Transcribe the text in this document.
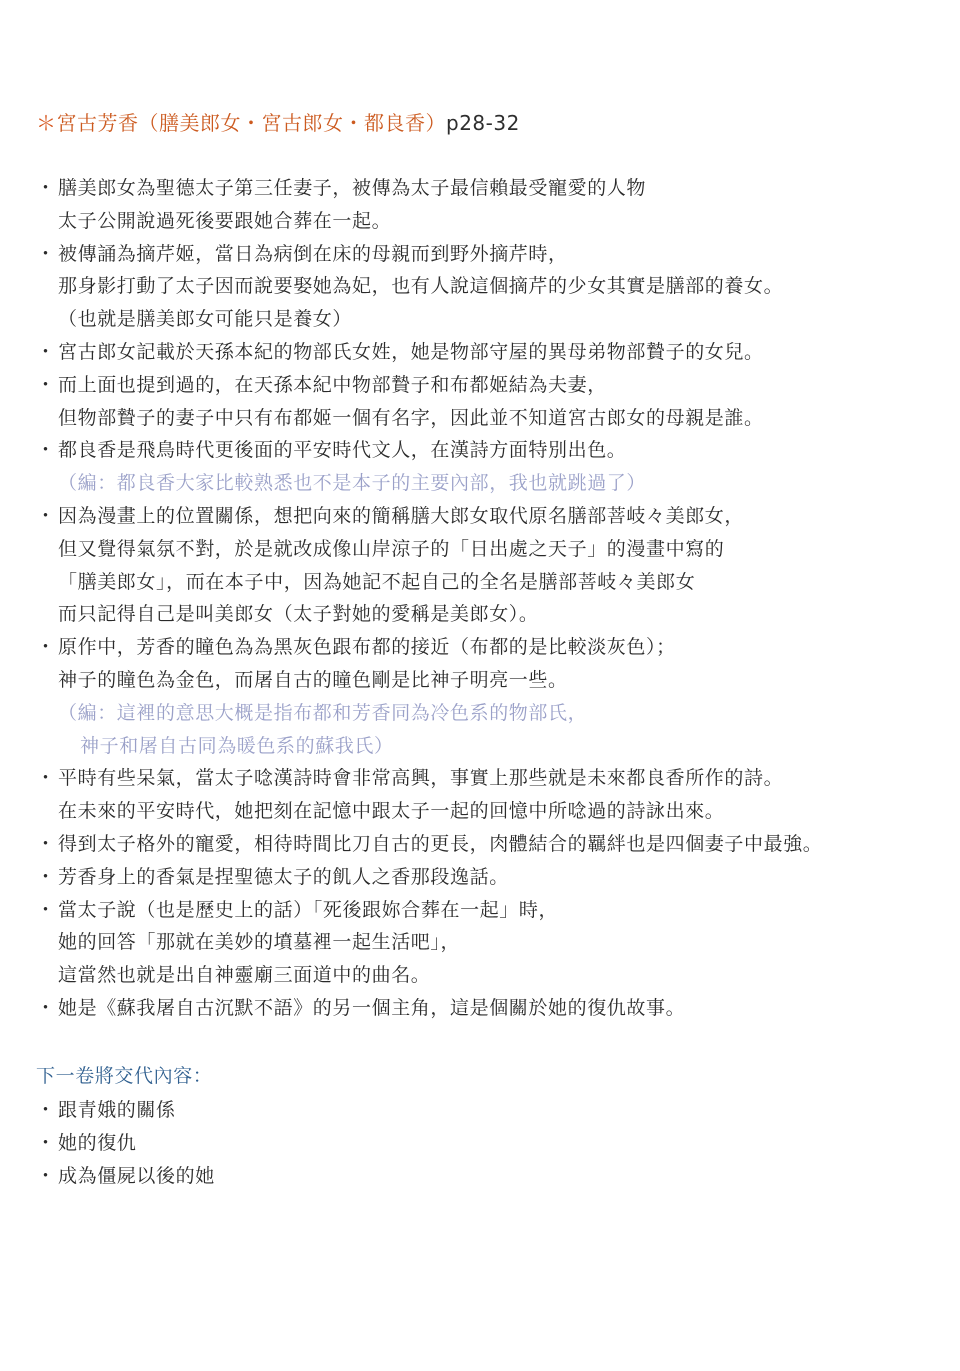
＊宮古芳香（膳美郎女・宮古郎女・都良香）p28-32
・ 膳美郎女為聖德太子第三任妻子，被傳為太子最信賴最受寵愛的人物
太子公開說過死後要跟她合葬在一起。
・ 被傳誦為摘芹姬，當日為病倒在床的母親而到野外摘芹時，
那身影打動了太子因而說要娶她為妃，也有人說這個摘芹的少女其實是膳部的養女。
（也就是膳美郎女可能只是養女）
・ 宮古郎女記載於天孫本紀的物部氏女姓，她是物部守屋的異母弟物部贄子的女兒。
・ 而上面也提到過的，在天孫本紀中物部贄子和布都姬結為夫妻，
但物部贄子的妻子中只有布都姬一個有名字，因此並不知道宮古郎女的母親是誰。
・ 都良香是飛鳥時代更後面的平安時代文人，在漢詩方面特別出色。
（編：都良香大家比較熟悉也不是本子的主要內部，我也就跳過了）
・ 因為漫畫上的位置關係，想把向來的簡稱膳大郎女取代原名膳部菩岐々美郎女，
但又覺得氣氛不對，於是就改成像山岸涼子的「日出處之天子」的漫畫中寫的
「膳美郎女」，而在本子中，因為她記不起自己的全名是膳部菩岐々美郎女
而只記得自己是叫美郎女（太子對她的愛稱是美郎女）。
・ 原作中，芳香的瞳色為為黑灰色跟布都的接近（布都的是比較淡灰色）；
神子的瞳色為金色，而屠自古的瞳色剛是比神子明亮一些。
（編：這裡的意思大概是指布都和芳香同為冷色系的物部氏，
神子和屠自古同為暖色系的蘇我氏）
・ 平時有些呆氣，當太子唸漢詩時會非常高興，事實上那些就是未來都良香所作的詩。
在未來的平安時代，她把刻在記憶中跟太子一起的回憶中所唸過的詩詠出來。
・ 得到太子格外的寵愛，相待時間比刀自古的更長，肉體結合的羈絆也是四個妻子中最強。
・ 芳香身上的香氣是捏聖德太子的飢人之香那段逸話。
・ 當太子說（也是歷史上的話）「死後跟妳合葬在一起」時，
她的回答「那就在美妙的墳墓裡一起生活吧」，
這當然也就是出自神靈廟三面道中的曲名。
・ 她是《蘇我屠自古沉默不語》的另一個主角，這是個關於她的復仇故事。
下一卷將交代內容：
・ 跟青娥的關係
・ 她的復仇
・ 成為僵屍以後的她
